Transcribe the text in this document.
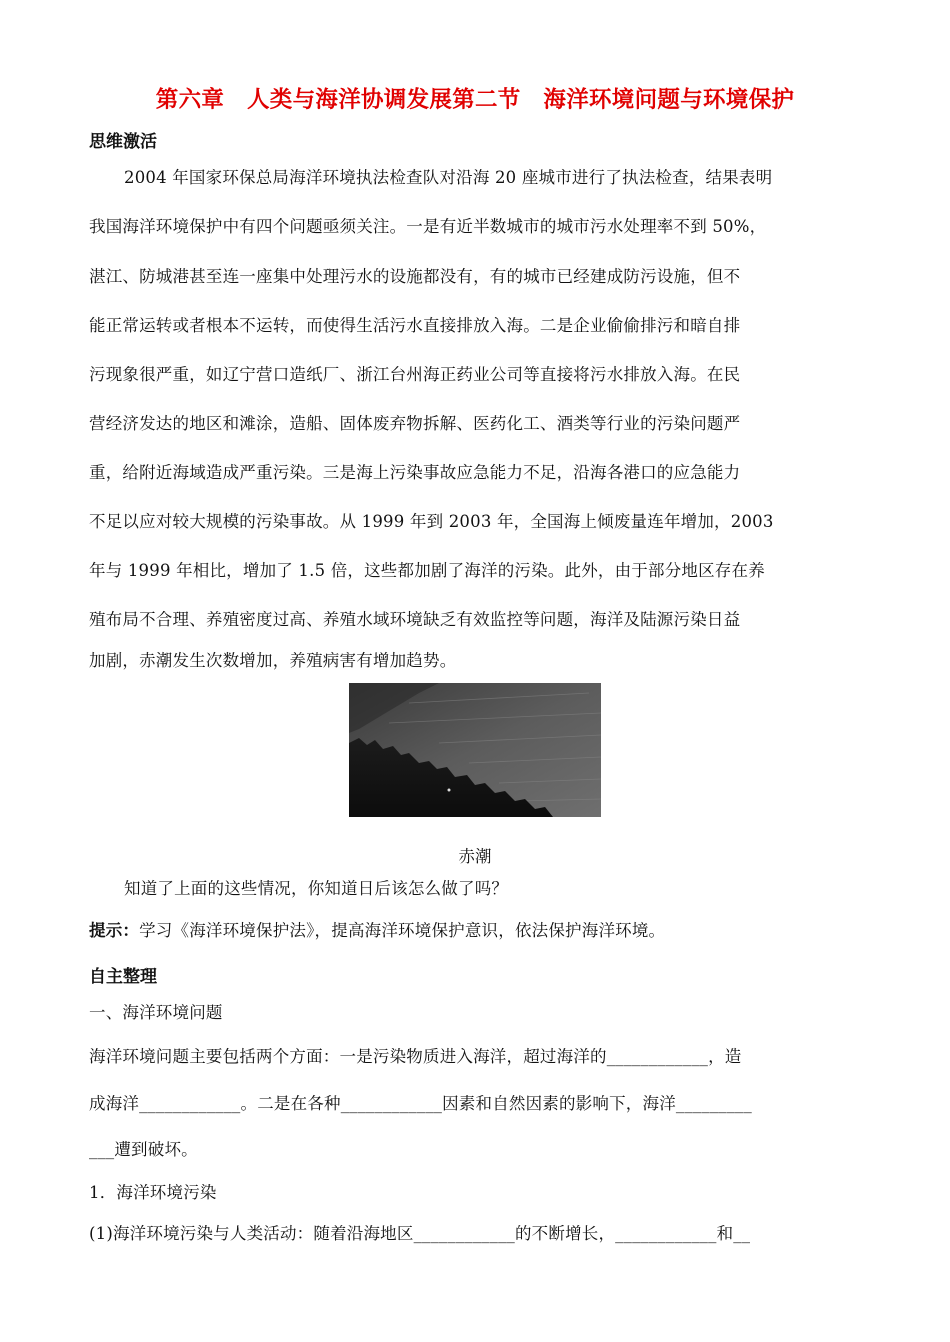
第六章　人类与海洋协调发展第二节　海洋环境问题与环境保护
思维激活
2004 年国家环保总局海洋环境执法检查队对沿海 20 座城市进行了执法检查，结果表明
我国海洋环境保护中有四个问题亟须关注。一是有近半数城市的城市污水处理率不到 50%，
湛江、防城港甚至连一座集中处理污水的设施都没有，有的城市已经建成防污设施，但不
能正常运转或者根本不运转，而使得生活污水直接排放入海。二是企业偷偷排污和暗自排
污现象很严重，如辽宁营口造纸厂、浙江台州海正药业公司等直接将污水排放入海。在民
营经济发达的地区和滩涂，造船、固体废弃物拆解、医药化工、酒类等行业的污染问题严
重，给附近海域造成严重污染。三是海上污染事故应急能力不足，沿海各港口的应急能力
不足以应对较大规模的污染事故。从 1999 年到 2003 年，全国海上倾废量连年增加，2003
年与 1999 年相比，增加了 1.5 倍，这些都加剧了海洋的污染。此外，由于部分地区存在养
殖布局不合理、养殖密度过高、养殖水域环境缺乏有效监控等问题，海洋及陆源污染日益
加剧，赤潮发生次数增加，养殖病害有增加趋势。
赤潮
知道了上面的这些情况，你知道日后该怎么做了吗？
提示：学习《海洋环境保护法》，提高海洋环境保护意识，依法保护海洋环境。
自主整理
一、海洋环境问题
海洋环境问题主要包括两个方面：一是污染物质进入海洋，超过海洋的____________，造
成海洋____________。二是在各种____________因素和自然因素的影响下，海洋_________
___遭到破坏。
1．海洋环境污染
(1)海洋环境污染与人类活动：随着沿海地区____________的不断增长，____________和__
